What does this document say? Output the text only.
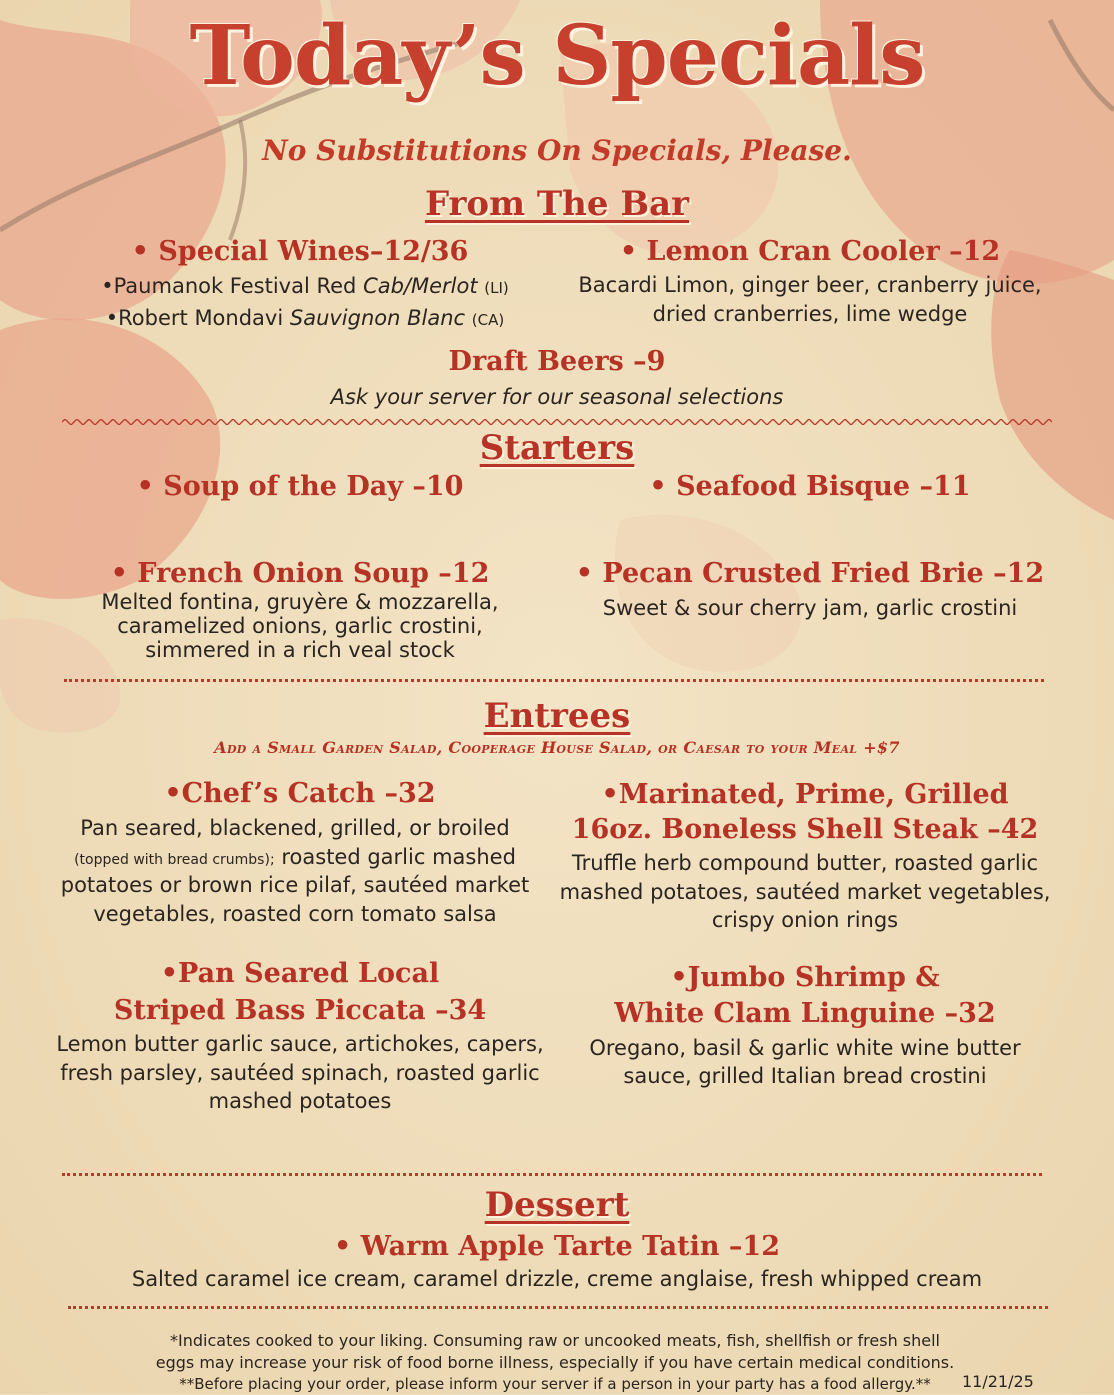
Today’s Specials
No Substitutions On Specials, Please.
From The Bar
• Special Wines–12/36
•Paumanok Festival Red Cab/Merlot (LI)
•Robert Mondavi Sauvignon Blanc (CA)
• Lemon Cran Cooler –12
Bacardi Limon, ginger beer, cranberry juice,
dried cranberries, lime wedge
Draft Beers –9
Ask your server for our seasonal selections
Starters
• Soup of the Day –10	• Seafood Bisque –11
• French Onion Soup –12
Melted fontina, gruyère & mozzarella,
caramelized onions, garlic crostini,
simmered in a rich veal stock
• Pecan Crusted Fried Brie –12
Sweet & sour cherry jam, garlic crostini
Entrees
Add a Small Garden Salad, Cooperage House Salad, or Caesar to your Meal +$7
•Chef’s Catch –32
Pan seared, blackened, grilled, or broiled
(topped with bread crumbs); roasted garlic mashed
potatoes or brown rice pilaf, sautéed market
vegetables, roasted corn tomato salsa
•Marinated, Prime, Grilled
16oz. Boneless Shell Steak –42
Truffle herb compound butter, roasted garlic
mashed potatoes, sautéed market vegetables,
crispy onion rings
•Pan Seared Local
Striped Bass Piccata –34
Lemon butter garlic sauce, artichokes, capers,
fresh parsley, sautéed spinach, roasted garlic
mashed potatoes
•Jumbo Shrimp &
White Clam Linguine –32
Oregano, basil & garlic white wine butter
sauce, grilled Italian bread crostini
Dessert
• Warm Apple Tarte Tatin –12
Salted caramel ice cream, caramel drizzle, creme anglaise, fresh whipped cream
*Indicates cooked to your liking. Consuming raw or uncooked meats, fish, shellfish or fresh shell
eggs may increase your risk of food borne illness, especially if you have certain medical conditions.
**Before placing your order, please inform your server if a person in your party has a food allergy.**	11/21/25
